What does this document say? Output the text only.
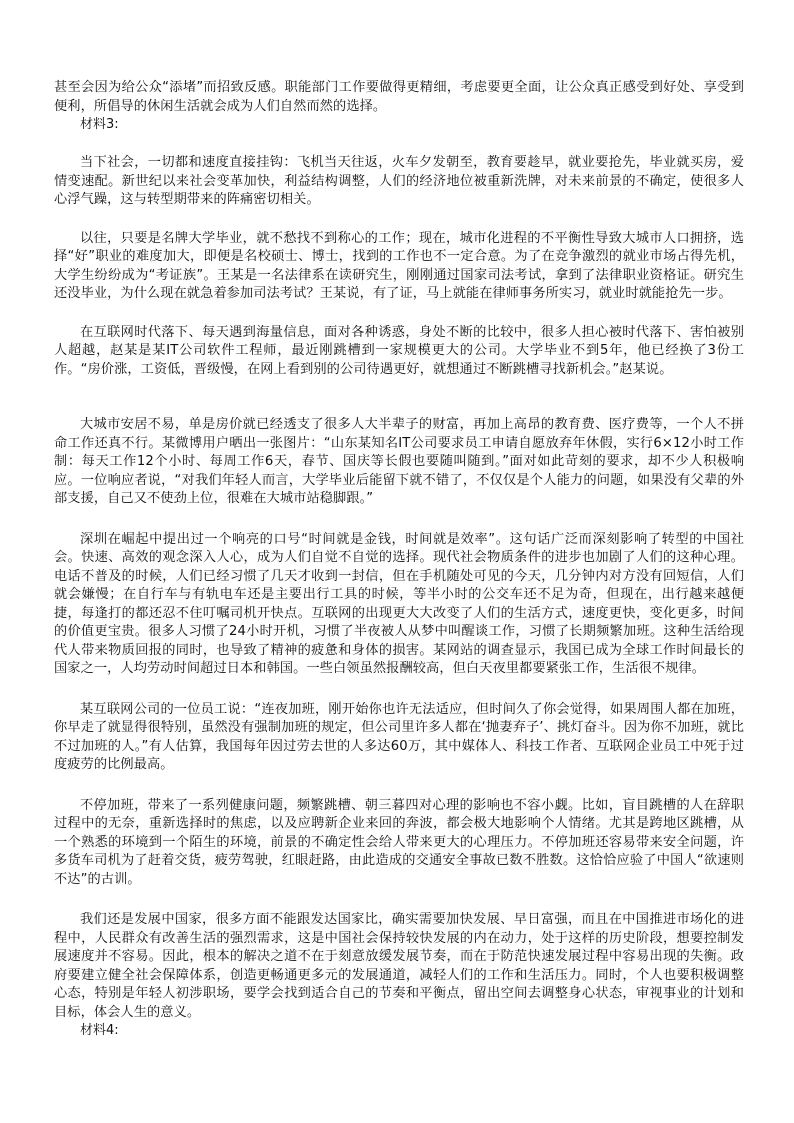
甚至会因为给公众“添堵”而招致反感。职能部门工作要做得更精细，考虑要更全面，让公众真正感受到好处、享受到便利，所倡导的休闲生活就会成为人们自然而然的选择。

材料3:

当下社会，一切都和速度直接挂钩：飞机当天往返，火车夕发朝至，教育要趁早，就业要抢先，毕业就买房，爱情变速配。新世纪以来社会变革加快，利益结构调整，人们的经济地位被重新洗牌，对未来前景的不确定，使很多人心浮气躁，这与转型期带来的阵痛密切相关。

以往，只要是名牌大学毕业，就不愁找不到称心的工作；现在，城市化进程的不平衡性导致大城市人口拥挤，选择“好”职业的难度加大，即便是名校硕士、博士，找到的工作也不一定合意。为了在竞争激烈的就业市场占得先机，大学生纷纷成为“考证族”。王某是一名法律系在读研究生，刚刚通过国家司法考试，拿到了法律职业资格证。研究生还没毕业，为什么现在就急着参加司法考试？王某说，有了证，马上就能在律师事务所实习，就业时就能抢先一步。

在互联网时代落下、每天遇到海量信息，面对各种诱惑，身处不断的比较中，很多人担心被时代落下、害怕被别人超越，赵某是某IT公司软件工程师，最近刚跳槽到一家规模更大的公司。大学毕业不到5年，他已经换了3份工作。“房价涨，工资低，晋级慢，在网上看到别的公司待遇更好，就想通过不断跳槽寻找新机会。”赵某说。

大城市安居不易，单是房价就已经透支了很多人大半辈子的财富，再加上高昂的教育费、医疗费等，一个人不拼命工作还真不行。某微博用户晒出一张图片：“山东某知名IT公司要求员工申请自愿放弃年休假，实行6×12小时工作制：每天工作12个小时、每周工作6天，春节、国庆等长假也要随叫随到。”面对如此苛刻的要求，却不少人积极响应。一位响应者说，“对我们年轻人而言，大学毕业后能留下就不错了，不仅仅是个人能力的问题，如果没有父辈的外部支援，自己又不使劲上位，很难在大城市站稳脚跟。”

深圳在崛起中提出过一个响亮的口号“时间就是金钱，时间就是效率”。这句话广泛而深刻影响了转型的中国社会。快速、高效的观念深入人心，成为人们自觉不自觉的选择。现代社会物质条件的进步也加剧了人们的这种心理。电话不普及的时候，人们已经习惯了几天才收到一封信，但在手机随处可见的今天，几分钟内对方没有回短信，人们就会嫌慢；在自行车与有轨电车还是主要出行工具的时候，等半小时的公交车还不足为奇，但现在，出行越来越便捷，每逢打的都还忍不住叮嘱司机开快点。互联网的出现更大大改变了人们的生活方式，速度更快，变化更多，时间的价值更宝贵。很多人习惯了24小时开机，习惯了半夜被人从梦中叫醒谈工作，习惯了长期频繁加班。这种生活给现代人带来物质回报的同时，也导致了精神的疲惫和身体的损害。某网站的调查显示，我国已成为全球工作时间最长的国家之一，人均劳动时间超过日本和韩国。一些白领虽然报酬较高，但白天夜里都要紧张工作，生活很不规律。

某互联网公司的一位员工说：“连夜加班，刚开始你也许无法适应，但时间久了你会觉得，如果周围人都在加班，你早走了就显得很特别，虽然没有强制加班的规定，但公司里许多人都在‘抛妻弃子’、挑灯奋斗。因为你不加班，就比不过加班的人。”有人估算，我国每年因过劳去世的人多达60万，其中媒体人、科技工作者、互联网企业员工中死于过度疲劳的比例最高。

不停加班，带来了一系列健康问题，频繁跳槽、朝三暮四对心理的影响也不容小觑。比如，盲目跳槽的人在辞职过程中的无奈，重新选择时的焦虑，以及应聘新企业来回的奔波，都会极大地影响个人情绪。尤其是跨地区跳槽，从一个熟悉的环境到一个陌生的环境，前景的不确定性会给人带来更大的心理压力。不停加班还容易带来安全问题，许多货车司机为了赶着交货，疲劳驾驶，红眼赶路，由此造成的交通安全事故已数不胜数。这恰恰应验了中国人“欲速则不达”的古训。

我们还是发展中国家，很多方面不能跟发达国家比，确实需要加快发展、早日富强，而且在中国推进市场化的进程中，人民群众有改善生活的强烈需求，这是中国社会保持较快发展的内在动力，处于这样的历史阶段，想要控制发展速度并不容易。因此，根本的解决之道不在于刻意放缓发展节奏，而在于防范快速发展过程中容易出现的失衡。政府要建立健全社会保障体系，创造更畅通更多元的发展通道，减轻人们的工作和生活压力。同时，个人也要积极调整心态，特别是年轻人初涉职场，要学会找到适合自己的节奏和平衡点，留出空间去调整身心状态，审视事业的计划和目标，体会人生的意义。

材料4:
